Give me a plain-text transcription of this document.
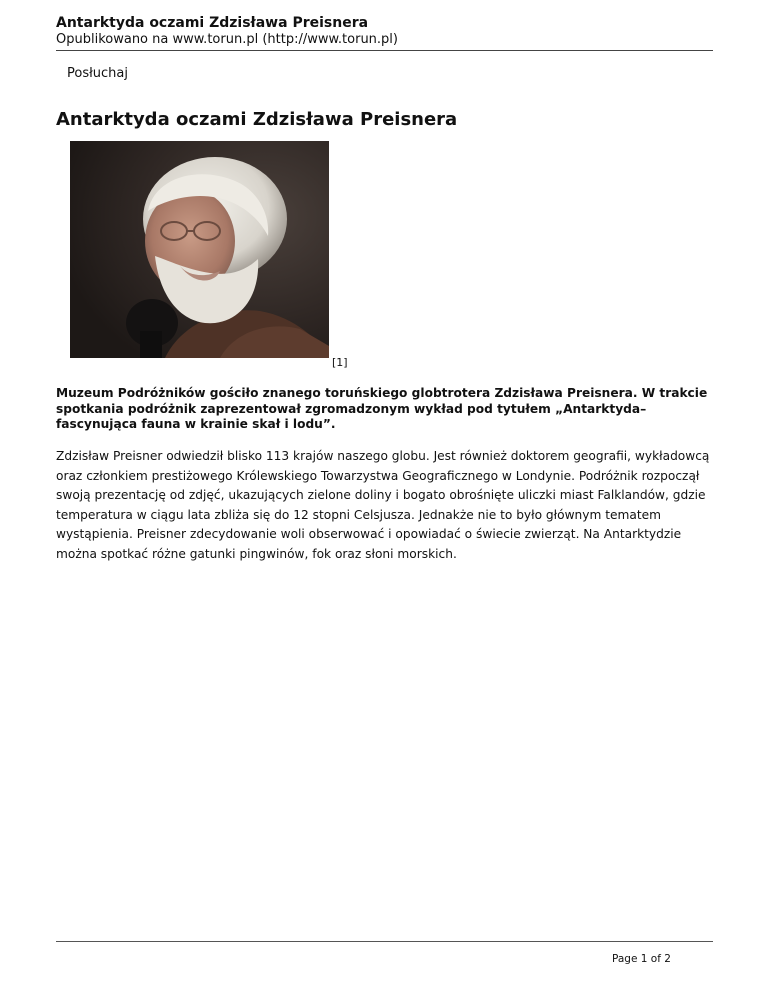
Antarktyda oczami Zdzisława Preisnera
Opublikowano na www.torun.pl (http://www.torun.pl)
Posłuchaj
Antarktyda oczami Zdzisława Preisnera
[1]

Muzeum Podróżników gościło znanego toruńskiego globtrotera Zdzisława Preisnera. W trakcie spotkania podróżnik zaprezentował zgromadzonym wykład pod tytułem „Antarktyda– fascynująca fauna w krainie skał i lodu”.

Zdzisław Preisner odwiedził blisko 113 krajów naszego globu. Jest również doktorem geografii, wykładowcą oraz członkiem prestiżowego Królewskiego Towarzystwa Geograficznego w Londynie. Podróżnik rozpoczął swoją prezentację od zdjęć, ukazujących zielone doliny i bogato obrośnięte uliczki miast Falklandów, gdzie temperatura w ciągu lata zbliża się do 12 stopni Celsjusza. Jednakże nie to było głównym tematem wystąpienia. Preisner zdecydowanie woli obserwować i opowiadać o świecie zwierząt. Na Antarktydzie można spotkać różne gatunki pingwinów, fok oraz słoni morskich.

Page 1 of 2
